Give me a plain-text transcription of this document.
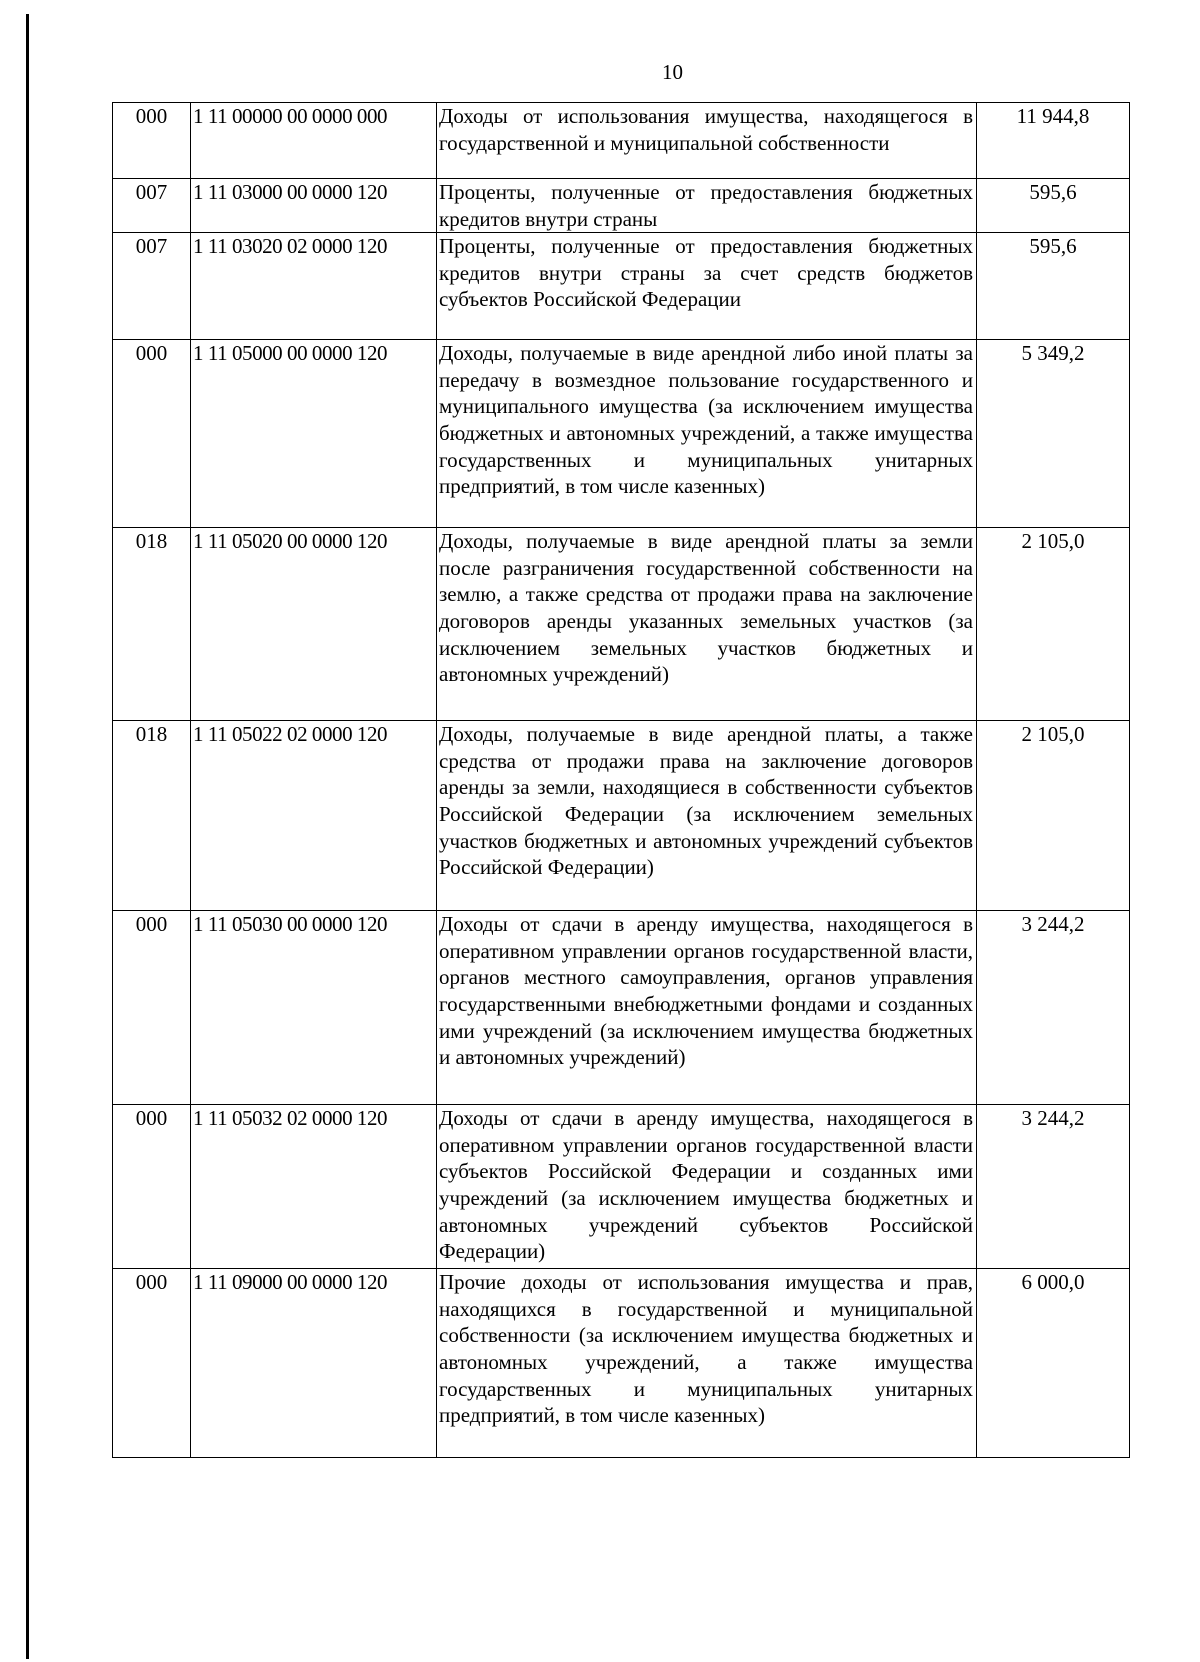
10
000	1 11 00000 00 0000 000	Доходы от использования имущества, находящегося в государственной и муниципальной собственности	11 944,8
007	1 11 03000 00 0000 120	Проценты, полученные от предоставления бюджетных кредитов внутри страны	595,6
007	1 11 03020 02 0000 120	Проценты, полученные от предоставления бюджетных кредитов внутри страны за счет средств бюджетов субъектов Российской Федерации	595,6
000	1 11 05000 00 0000 120	Доходы, получаемые в виде арендной либо иной платы за передачу в возмездное пользование государственного и муниципального имущества (за исключением имущества бюджетных и автономных учреждений, а также имущества государственных и муниципальных унитарных предприятий, в том числе казенных)	5 349,2
018	1 11 05020 00 0000 120	Доходы, получаемые в виде арендной платы за земли после разграничения государственной собственности на землю, а также средства от продажи права на заключение договоров аренды указанных земельных участков (за исключением земельных участков бюджетных и автономных учреждений)	2 105,0
018	1 11 05022 02 0000 120	Доходы, получаемые в виде арендной платы, а также средства от продажи права на заключение договоров аренды за земли, находящиеся в собственности субъектов Российской Федерации (за исключением земельных участков бюджетных и автономных учреждений субъектов Российской Федерации)	2 105,0
000	1 11 05030 00 0000 120	Доходы от сдачи в аренду имущества, находящегося в оперативном управлении органов государственной власти, органов местного самоуправления, органов управления государственными внебюджетными фондами и созданных ими учреждений (за исключением имущества бюджетных и автономных учреждений)	3 244,2
000	1 11 05032 02 0000 120	Доходы от сдачи в аренду имущества, находящегося в оперативном управлении органов государственной власти субъектов Российской Федерации и созданных ими учреждений (за исключением имущества бюджетных и автономных учреждений субъектов Российской Федерации)	3 244,2
000	1 11 09000 00 0000 120	Прочие доходы от использования имущества и прав, находящихся в государственной и муниципальной собственности (за исключением имущества бюджетных и автономных учреждений, а также имущества государственных и муниципальных унитарных предприятий, в том числе казенных)	6 000,0
